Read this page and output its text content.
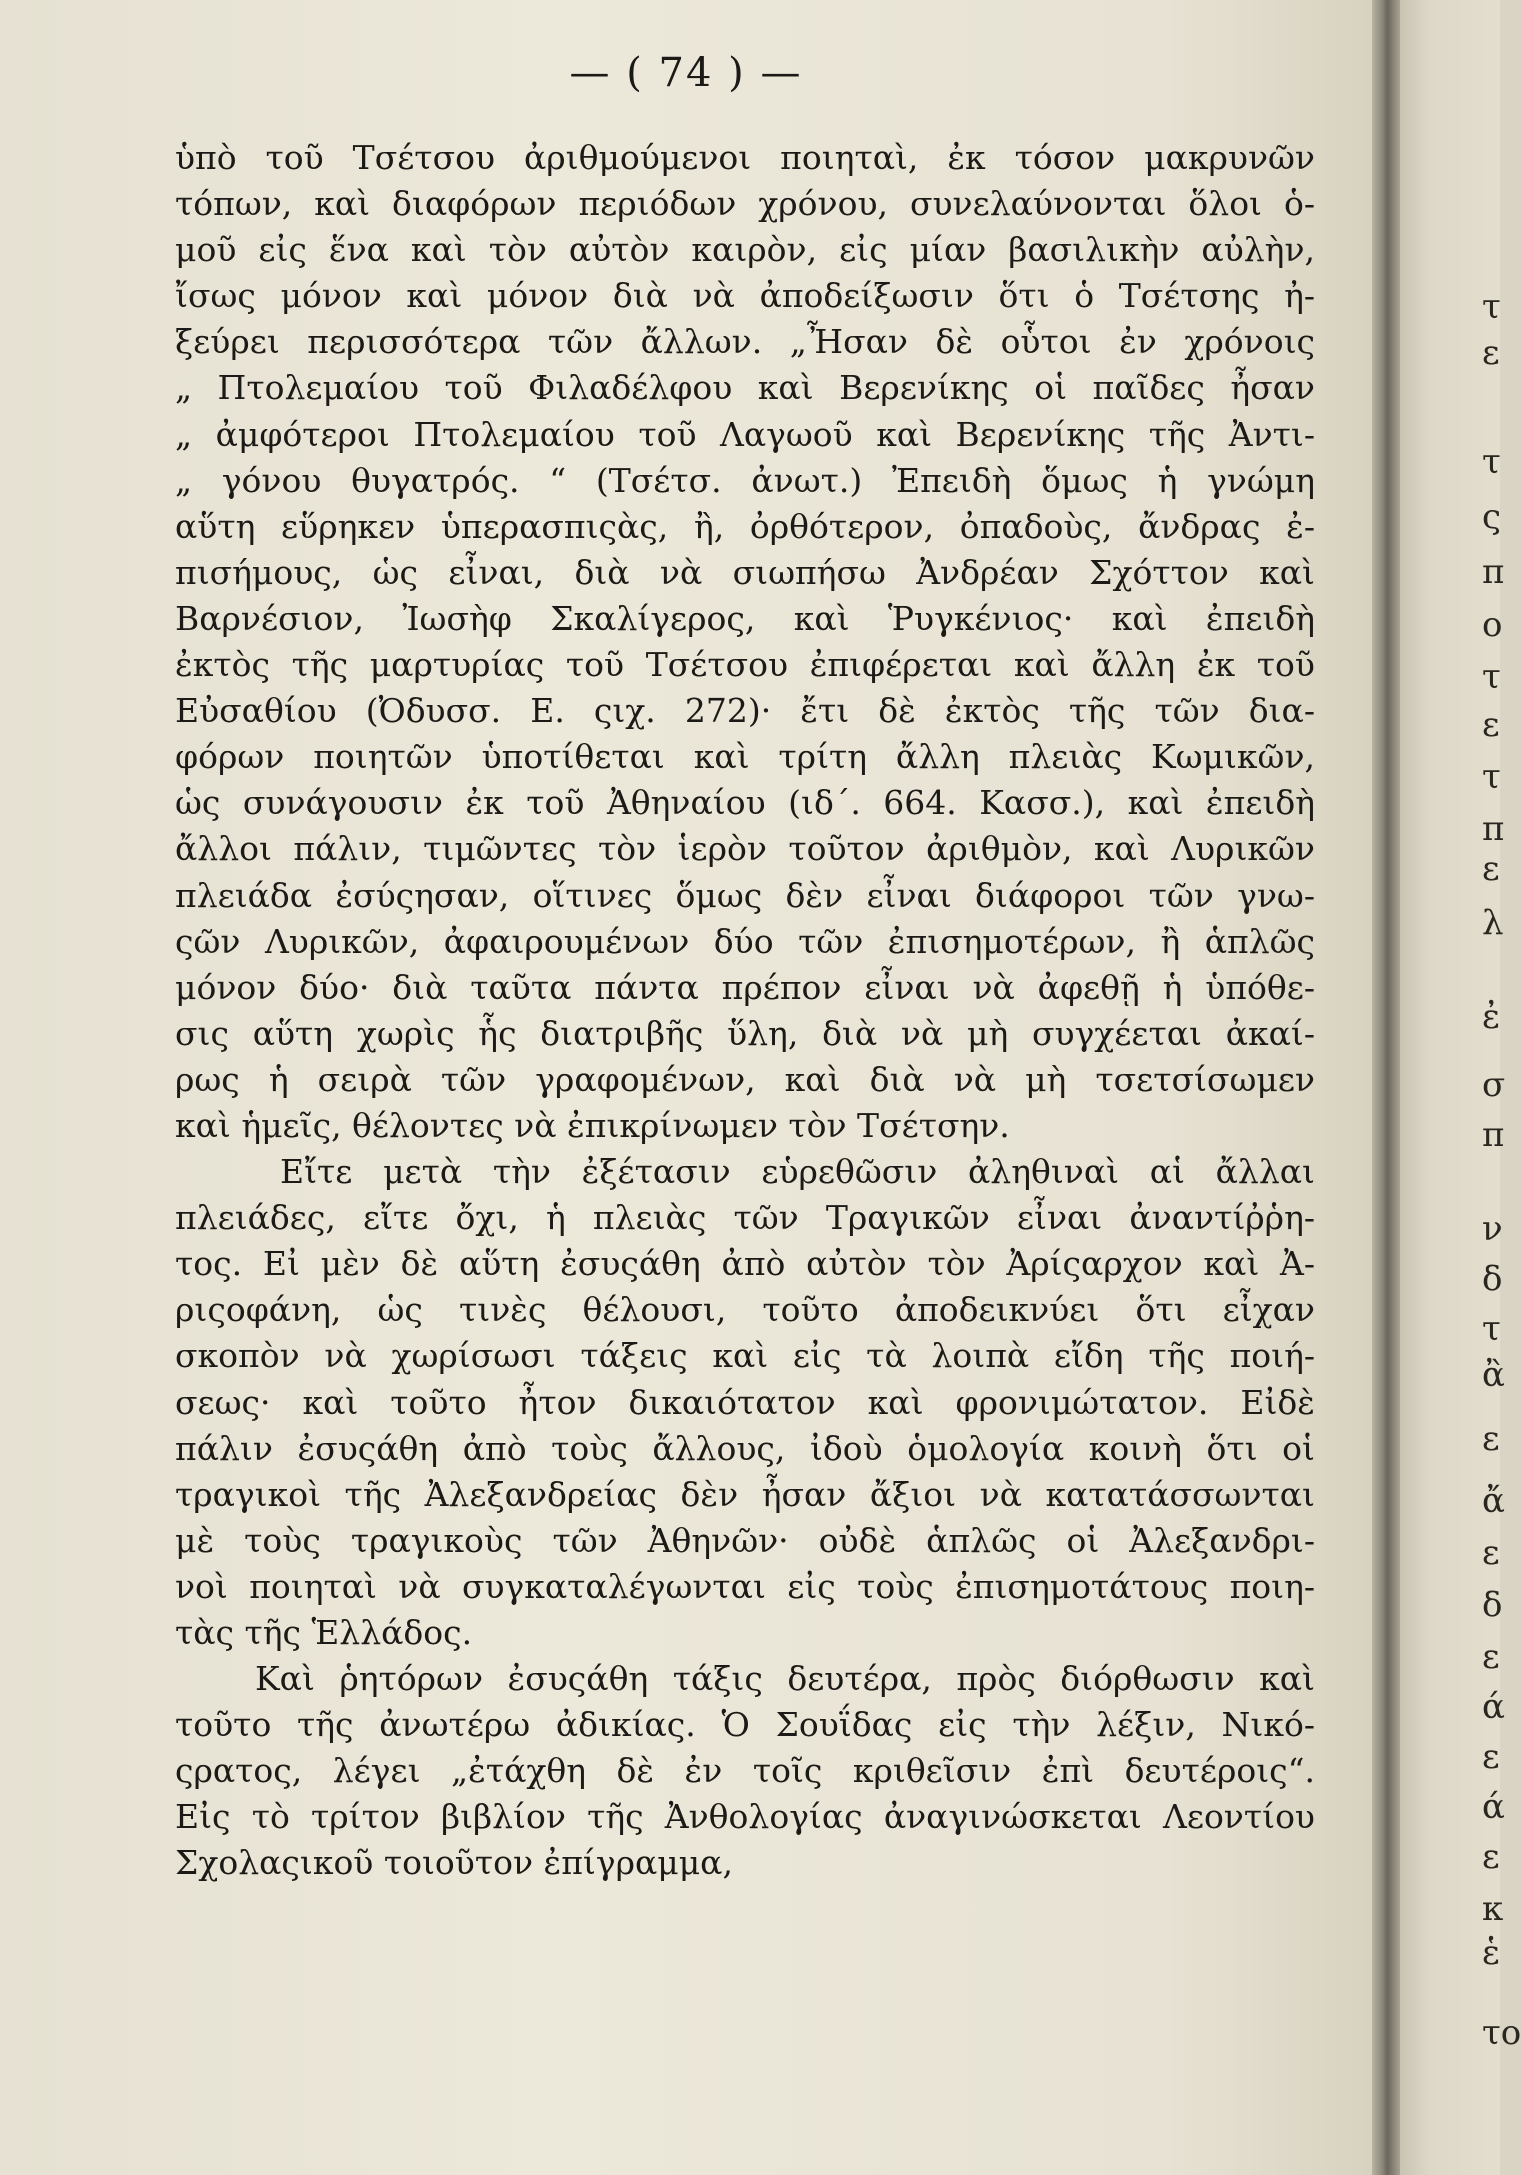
— ( 74 ) —
ὑπὸ τοῦ Τσέτσου ἀριθμούμενοι ποιηταὶ, ἐκ τόσον μακρυνῶν
τόπων, καὶ διαφόρων περιόδων χρόνου, συνελαύνονται ὅλοι ὁ-
μοῦ εἰς ἕνα καὶ τὸν αὐτὸν καιρὸν, εἰς μίαν βασιλικὴν αὐλὴν,
ἴσως μόνον καὶ μόνον διὰ νὰ ἀποδείξωσιν ὅτι ὁ Τσέτσης ἠ-
ξεύρει περισσότερα τῶν ἄλλων. „Ἦσαν δὲ οὗτοι ἐν χρόνοις
„ Πτολεμαίου τοῦ Φιλαδέλφου καὶ Βερενίκης οἱ παῖδες ἦσαν
„ ἀμφότεροι Πτολεμαίου τοῦ Λαγωοῦ καὶ Βερενίκης τῆς Ἀντι-
„ γόνου θυγατρός. “ (Τσέτσ. ἀνωτ.) Ἐπειδὴ ὅμως ἡ γνώμη
αὕτη εὕρηκεν ὑπερασπιςὰς, ἢ, ὀρθότερον, ὀπαδοὺς, ἄνδρας ἐ-
πισήμους, ὡς εἶναι, διὰ νὰ σιωπήσω Ἀνδρέαν Σχόττον καὶ
Βαρνέσιον, Ἰωσὴφ Σκαλίγερος, καὶ Ῥυγκένιος· καὶ ἐπειδὴ
ἐκτὸς τῆς μαρτυρίας τοῦ Τσέτσου ἐπιφέρεται καὶ ἄλλη ἐκ τοῦ
Εὐσαθίου (Ὀδυσσ. Ε. ςιχ. 272)· ἔτι δὲ ἐκτὸς τῆς τῶν δια-
φόρων ποιητῶν ὑποτίθεται καὶ τρίτη ἄλλη πλειὰς Κωμικῶν,
ὡς συνάγουσιν ἐκ τοῦ Ἀθηναίου (ιδ΄. 664. Κασσ.), καὶ ἐπειδὴ
ἄλλοι πάλιν, τιμῶντες τὸν ἱερὸν τοῦτον ἀριθμὸν, καὶ Λυρικῶν
πλειάδα ἐσύςησαν, οἵτινες ὅμως δὲν εἶναι διάφοροι τῶν γνω-
ςῶν Λυρικῶν, ἀφαιρουμένων δύο τῶν ἐπισημοτέρων, ἢ ἁπλῶς
μόνον δύο· διὰ ταῦτα πάντα πρέπον εἶναι νὰ ἀφεθῇ ἡ ὑπόθε-
σις αὕτη χωρὶς ἧς διατριβῆς ὕλη, διὰ νὰ μὴ συγχέεται ἀκαί-
ρως ἡ σειρὰ τῶν γραφομένων, καὶ διὰ νὰ μὴ τσετσίσωμεν
καὶ ἡμεῖς, θέλοντες νὰ ἐπικρίνωμεν τὸν Τσέτσην.
Εἴτε μετὰ τὴν ἐξέτασιν εὑρεθῶσιν ἀληθιναὶ αἱ ἄλλαι
πλειάδες, εἴτε ὄχι, ἡ πλειὰς τῶν Τραγικῶν εἶναι ἀναντίῤῥη-
τος. Εἰ μὲν δὲ αὕτη ἐσυςάθη ἀπὸ αὐτὸν τὸν Ἀρίςαρχον καὶ Ἀ-
ριςοφάνη, ὡς τινὲς θέλουσι, τοῦτο ἀποδεικνύει ὅτι εἶχαν
σκοπὸν νὰ χωρίσωσι τάξεις καὶ εἰς τὰ λοιπὰ εἴδη τῆς ποιή-
σεως· καὶ τοῦτο ἦτον δικαιότατον καὶ φρονιμώτατον. Εἰδὲ
πάλιν ἐσυςάθη ἀπὸ τοὺς ἄλλους, ἰδοὺ ὁμολογία κοινὴ ὅτι οἱ
τραγικοὶ τῆς Ἀλεξανδρείας δὲν ἦσαν ἄξιοι νὰ κατατάσσωνται
μὲ τοὺς τραγικοὺς τῶν Ἀθηνῶν· οὐδὲ ἁπλῶς οἱ Ἀλεξανδρι-
νοὶ ποιηταὶ νὰ συγκαταλέγωνται εἰς τοὺς ἐπισημοτάτους ποιη-
τὰς τῆς Ἑλλάδος.
Καὶ ῥητόρων ἐσυςάθη τάξις δευτέρα, πρὸς διόρθωσιν καὶ
τοῦτο τῆς ἀνωτέρω ἀδικίας. Ὁ Σουΐδας εἰς τὴν λέξιν, Νικό-
ςρατος, λέγει „ἐτάχθη δὲ ἐν τοῖς κριθεῖσιν ἐπὶ δευτέροις“.
Εἰς τὸ τρίτον βιβλίον τῆς Ἀνθολογίας ἀναγινώσκεται Λεοντίου
Σχολαςικοῦ τοιοῦτον ἐπίγραμμα,
τ
ε
τ
ς
π
ο
τ
ε
τ
π
ε
λ
ἐ
σ
π
ν
δ
τ
ἂ
ε
ἄ
ε
δ
ε
ά
ε
ά
ε
κ
ἑ
το
